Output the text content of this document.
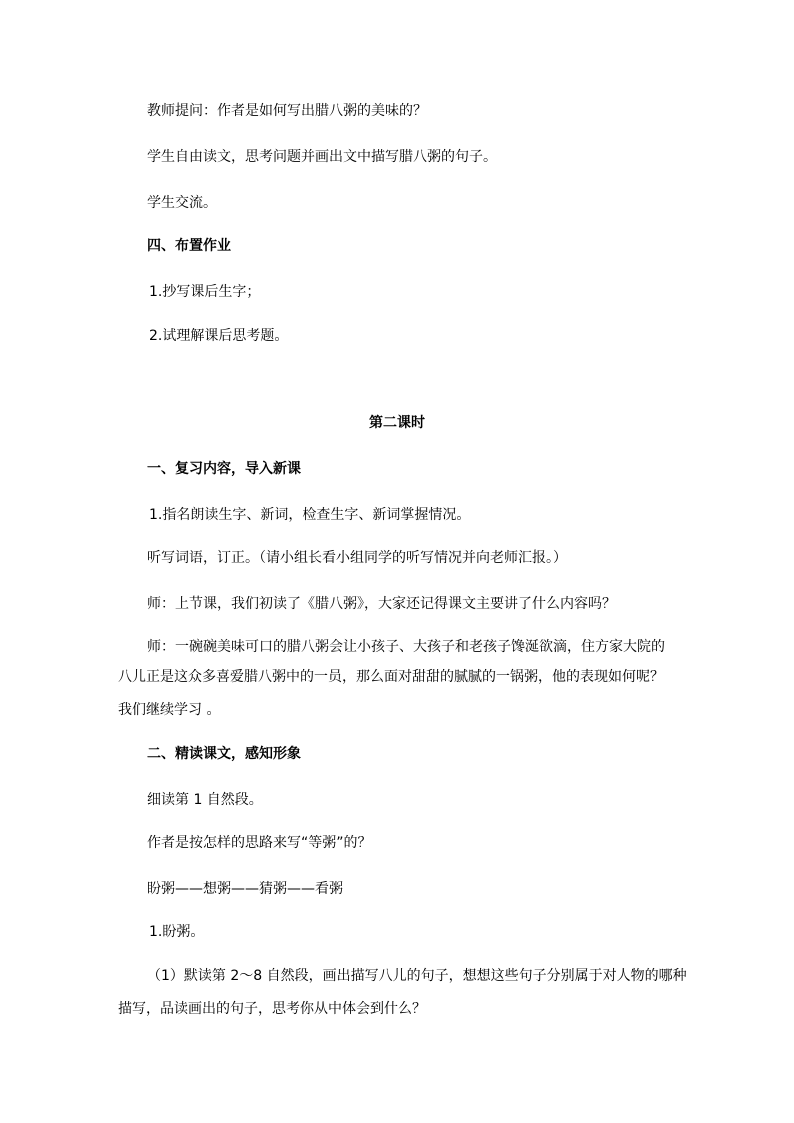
教师提问：作者是如何写出腊八粥的美味的？
学生自由读文，思考问题并画出文中描写腊八粥的句子。
学生交流。
四、布置作业
1.抄写课后生字；
2.试理解课后思考题。
第二课时
一、复习内容，导入新课
1.指名朗读生字、新词，检查生字、新词掌握情况。
听写词语，订正。（请小组长看小组同学的听写情况并向老师汇报。）
师：上节课，我们初读了《腊八粥》，大家还记得课文主要讲了什么内容吗？
师：一碗碗美味可口的腊八粥会让小孩子、大孩子和老孩子馋涎欲滴，住方家大院的
八儿正是这众多喜爱腊八粥中的一员，那么面对甜甜的腻腻的一锅粥，他的表现如何呢？
我们继续学习 。
二、精读课文，感知形象
细读第 1 自然段。
作者是按怎样的思路来写“等粥”的？
盼粥——想粥——猜粥——看粥
1.盼粥。
（1）默读第 2～8 自然段，画出描写八儿的句子，想想这些句子分别属于对人物的哪种
描写，品读画出的句子，思考你从中体会到什么？
